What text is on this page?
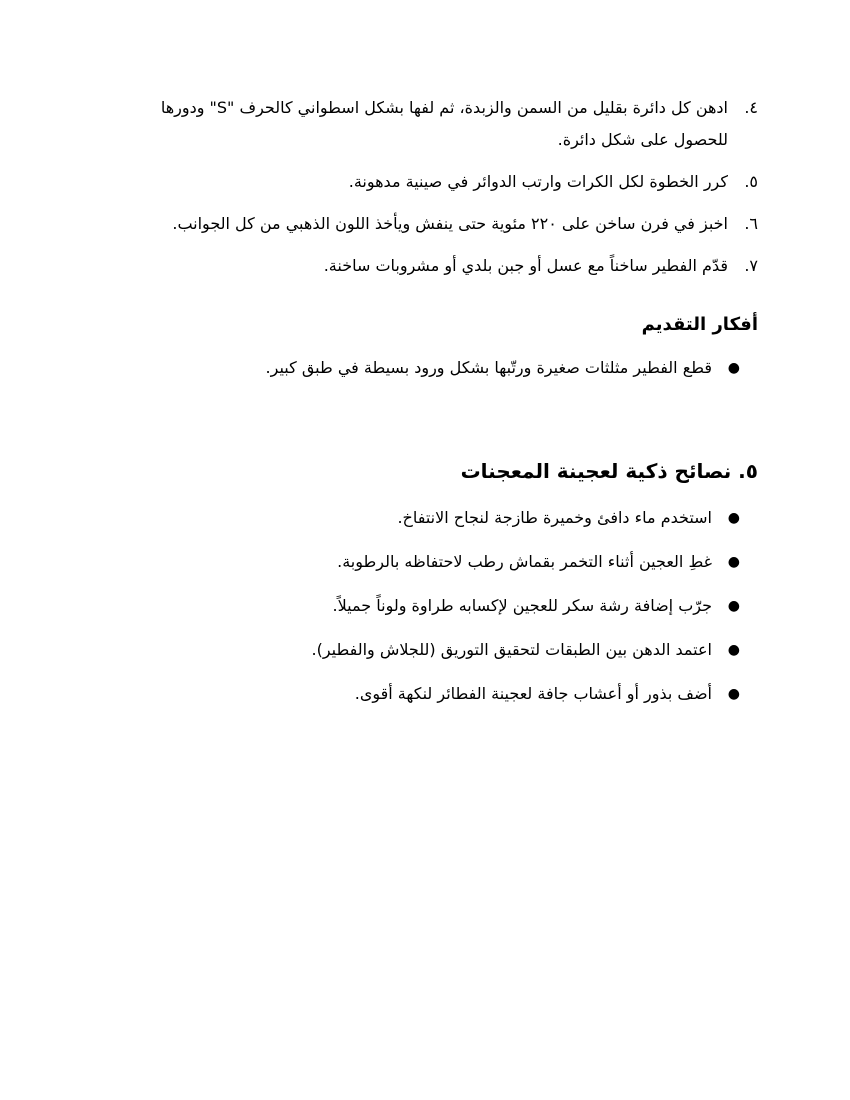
٤.
ادهن كل دائرة بقليل من السمن والزبدة، ثم لفها بشكل اسطواني كالحرف "S" ودورها للحصول على شكل دائرة.
٥.
كرر الخطوة لكل الكرات وارتب الدوائر في صينية مدهونة.
٦.
اخبز في فرن ساخن على ٢٢٠ مئوية حتى ينفش ويأخذ اللون الذهبي من كل الجوانب.
٧.
قدّم الفطير ساخناً مع عسل أو جبن بلدي أو مشروبات ساخنة.
أفكار التقديم
●
قطع الفطير مثلثات صغيرة ورتّبها بشكل ورود بسيطة في طبق كبير.
٥. نصائح ذكية لعجينة المعجنات
●
استخدم ماء دافئ وخميرة طازجة لنجاح الانتفاخ.
●
غطِ العجين أثناء التخمر بقماش رطب لاحتفاظه بالرطوبة.
●
جرّب إضافة رشة سكر للعجين لإكسابه طراوة ولوناً جميلاً.
●
اعتمد الدهن بين الطبقات لتحقيق التوريق (للجلاش والفطير).
●
أضف بذور أو أعشاب جافة لعجينة الفطائر لنكهة أقوى.
